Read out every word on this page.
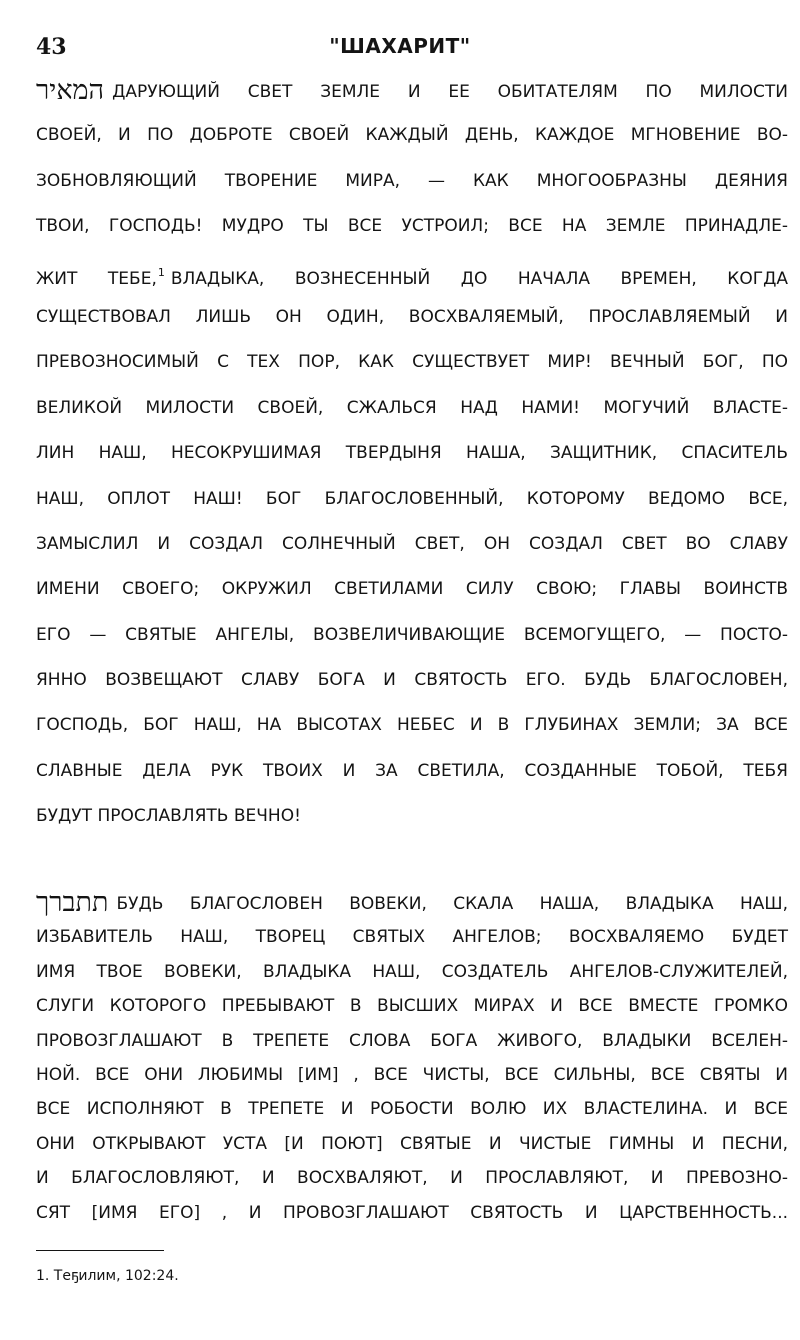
43	"ШАХАРИТ"
המאיר ДАРУЮЩИЙ СВЕТ ЗЕМЛЕ И ЕЕ ОБИТАТЕЛЯМ ПО МИЛОСТИ
СВОЕЙ, И ПО ДОБРОТЕ СВОЕЙ КАЖДЫЙ ДЕНЬ, КАЖДОЕ МГНОВЕНИЕ ВО-
ЗОБНОВЛЯЮЩИЙ ТВОРЕНИЕ МИРА, — КАК МНОГООБРАЗНЫ ДЕЯНИЯ
ТВОИ, ГОСПОДЬ! МУДРО ТЫ ВСЕ УСТРОИЛ; ВСЕ НА ЗЕМЛЕ ПРИНАДЛЕ-
ЖИТ ТЕБЕ,$^1$ ВЛАДЫКА, ВОЗНЕСЕННЫЙ ДО НАЧАЛА ВРЕМЕН, КОГДА
СУЩЕСТВОВАЛ ЛИШЬ ОН ОДИН, ВОСХВАЛЯЕМЫЙ, ПРОСЛАВЛЯЕМЫЙ И
ПРЕВОЗНОСИМЫЙ С ТЕХ ПОР, КАК СУЩЕСТВУЕТ МИР! ВЕЧНЫЙ БОГ, ПО
ВЕЛИКОЙ МИЛОСТИ СВОЕЙ, СЖАЛЬСЯ НАД НАМИ! МОГУЧИЙ ВЛАСТЕ-
ЛИН НАШ, НЕСОКРУШИМАЯ ТВЕРДЫНЯ НАША, ЗАЩИТНИК, СПАСИТЕЛЬ
НАШ, ОПЛОТ НАШ! БОГ БЛАГОСЛОВЕННЫЙ, КОТОРОМУ ВЕДОМО ВСЕ,
ЗАМЫСЛИЛ И СОЗДАЛ СОЛНЕЧНЫЙ СВЕТ, ОН СОЗДАЛ СВЕТ ВО СЛАВУ
ИМЕНИ СВОЕГО; ОКРУЖИЛ СВЕТИЛАМИ СИЛУ СВОЮ; ГЛАВЫ ВОИНСТВ
ЕГО — СВЯТЫЕ АНГЕЛЫ, ВОЗВЕЛИЧИВАЮЩИЕ ВСЕМОГУЩЕГО, — ПОСТО-
ЯННО ВОЗВЕЩАЮТ СЛАВУ БОГА И СВЯТОСТЬ ЕГО. БУДЬ БЛАГОСЛОВЕН,
ГОСПОДЬ, БОГ НАШ, НА ВЫСОТАХ НЕБЕС И В ГЛУБИНАХ ЗЕМЛИ; ЗА ВСЕ
СЛАВНЫЕ ДЕЛА РУК ТВОИХ И ЗА СВЕТИЛА, СОЗДАННЫЕ ТОБОЙ, ТЕБЯ
БУДУТ ПРОСЛАВЛЯТЬ ВЕЧНО!
תתברך БУДЬ БЛАГОСЛОВЕН ВОВЕКИ, СКАЛА НАША, ВЛАДЫКА НАШ,
ИЗБАВИТЕЛЬ НАШ, ТВОРЕЦ СВЯТЫХ АНГЕЛОВ; ВОСХВАЛЯЕМО БУДЕТ
ИМЯ ТВОЕ ВОВЕКИ, ВЛАДЫКА НАШ, СОЗДАТЕЛЬ АНГЕЛОВ-СЛУЖИТЕЛЕЙ,
СЛУГИ КОТОРОГО ПРЕБЫВАЮТ В ВЫСШИХ МИРАХ И ВСЕ ВМЕСТЕ ГРОМКО
ПРОВОЗГЛАШАЮТ В ТРЕПЕТЕ СЛОВА БОГА ЖИВОГО, ВЛАДЫКИ ВСЕЛЕН-
НОЙ. ВСЕ ОНИ ЛЮБИМЫ [ИМ] , ВСЕ ЧИСТЫ, ВСЕ СИЛЬНЫ, ВСЕ СВЯТЫ И
ВСЕ ИСПОЛНЯЮТ В ТРЕПЕТЕ И РОБОСТИ ВОЛЮ ИХ ВЛАСТЕЛИНА. И ВСЕ
ОНИ ОТКРЫВАЮТ УСТА [И ПОЮТ] СВЯТЫЕ И ЧИСТЫЕ ГИМНЫ И ПЕСНИ,
И БЛАГОСЛОВЛЯЮТ, И ВОСХВАЛЯЮТ, И ПРОСЛАВЛЯЮТ, И ПРЕВОЗНО-
СЯТ [ИМЯ ЕГО] , И ПРОВОЗГЛАШАЮТ СВЯТОСТЬ И ЦАРСТВЕННОСТЬ...
1. Теҕилим, 102:24.
